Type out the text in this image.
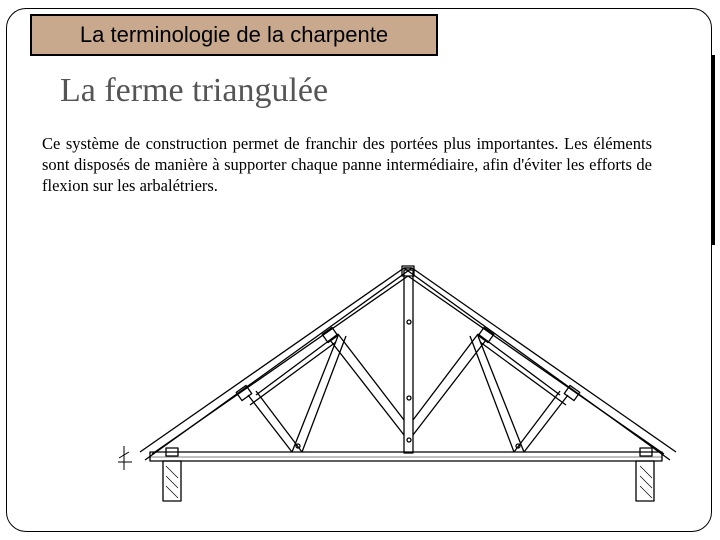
La terminologie de la charpente
La ferme triangulée

Ce système de construction permet de franchir des portées plus importantes. Les éléments sont disposés de manière à supporter chaque panne intermédiaire, afin d'éviter les efforts de flexion sur les arbalétriers.
